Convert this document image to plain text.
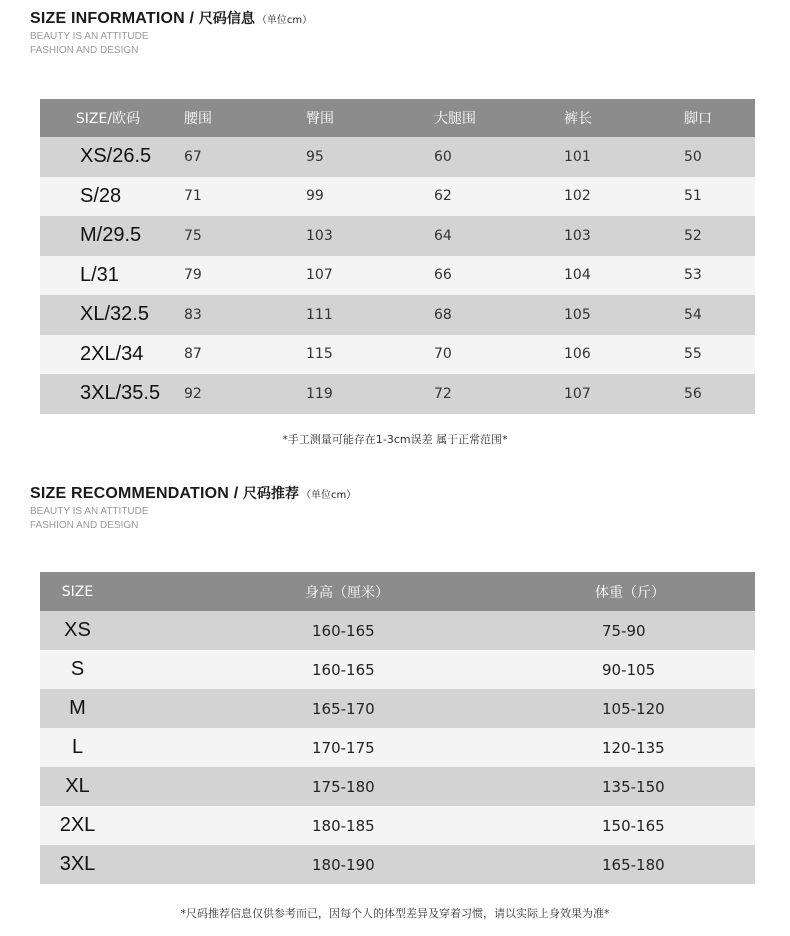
SIZE INFORMATION / 尺码信息 （单位cm）
BEAUTY IS AN ATTITUDE
FASHION AND DESIGN
SIZE/欧码	腰围	臀围	大腿围	裤长	脚口
XS/26.5	67	95	60	101	50
S/28	71	99	62	102	51
M/29.5	75	103	64	103	52
L/31	79	107	66	104	53
XL/32.5	83	111	68	105	54
2XL/34	87	115	70	106	55
3XL/35.5	92	119	72	107	56
*手工测量可能存在1-3cm误差 属于正常范围*
SIZE RECOMMENDATION / 尺码推荐 （单位cm）
BEAUTY IS AN ATTITUDE
FASHION AND DESIGN
SIZE	身高（厘米）	体重（斤）
XS	160-165	75-90
S	160-165	90-105
M	165-170	105-120
L	170-175	120-135
XL	175-180	135-150
2XL	180-185	150-165
3XL	180-190	165-180
*尺码推荐信息仅供参考而已，因每个人的体型差异及穿着习惯，请以实际上身效果为准*
